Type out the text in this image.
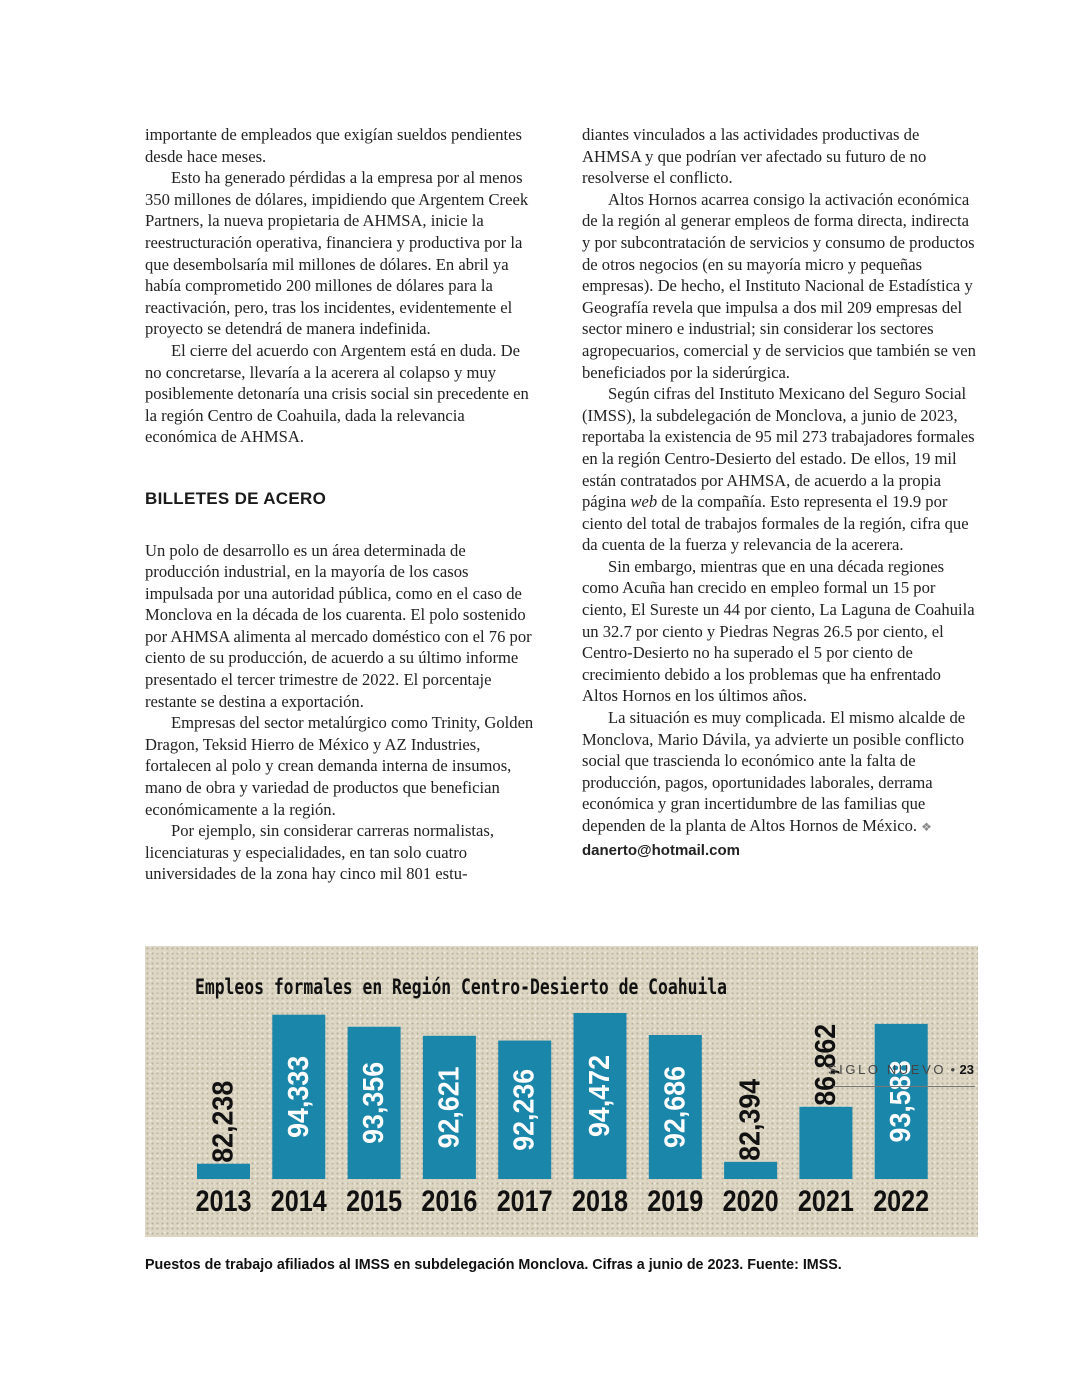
importante de empleados que exigían sueldos pendientes desde hace meses.

Esto ha generado pérdidas a la empresa por al menos 350 millones de dólares, impidiendo que Argentem Creek Partners, la nueva propietaria de AHMSA, inicie la reestructuración operativa, financiera y productiva por la que desembolsaría mil millones de dólares. En abril ya había comprometido 200 millones de dólares para la reactivación, pero, tras los incidentes, evidentemente el proyecto se detendrá de manera indefinida.

El cierre del acuerdo con Argentem está en duda. De no concretarse, llevaría a la acerera al colapso y muy posiblemente detonaría una crisis social sin precedente en la región Centro de Coahuila, dada la relevancia económica de AHMSA.

BILLETES DE ACERO

Un polo de desarrollo es un área determinada de producción industrial, en la mayoría de los casos impulsada por una autoridad pública, como en el caso de Monclova en la década de los cuarenta. El polo sostenido por AHMSA alimenta al mercado doméstico con el 76 por ciento de su producción, de acuerdo a su último informe presentado el tercer trimestre de 2022. El porcentaje restante se destina a exportación.

Empresas del sector metalúrgico como Trinity, Golden Dragon, Teksid Hierro de México y AZ Industries, fortalecen al polo y crean demanda interna de insumos, mano de obra y variedad de productos que benefician económicamente a la región.

Por ejemplo, sin considerar carreras normalistas, licenciaturas y especialidades, en tan solo cuatro universidades de la zona hay cinco mil 801 estu-

diantes vinculados a las actividades productivas de AHMSA y que podrían ver afectado su futuro de no resolverse el conflicto.

Altos Hornos acarrea consigo la activación económica de la región al generar empleos de forma directa, indirecta y por subcontratación de servicios y consumo de productos de otros negocios (en su mayoría micro y pequeñas empresas). De hecho, el Instituto Nacional de Estadística y Geografía revela que impulsa a dos mil 209 empresas del sector minero e industrial; sin considerar los sectores agropecuarios, comercial y de servicios que también se ven beneficiados por la siderúrgica.

Según cifras del Instituto Mexicano del Seguro Social (IMSS), la subdelegación de Monclova, a junio de 2023, reportaba la existencia de 95 mil 273 trabajadores formales en la región Centro-Desierto del estado. De ellos, 19 mil están contratados por AHMSA, de acuerdo a la propia página web de la compañía. Esto representa el 19.9 por ciento del total de trabajos formales de la región, cifra que da cuenta de la fuerza y relevancia de la acerera.

Sin embargo, mientras que en una década regiones como Acuña han crecido en empleo formal un 15 por ciento, El Sureste un 44 por ciento, La Laguna de Coahuila un 32.7 por ciento y Piedras Negras 26.5 por ciento, el Centro-Desierto no ha superado el 5 por ciento de crecimiento debido a los problemas que ha enfrentado Altos Hornos en los últimos años.

La situación es muy complicada. El mismo alcalde de Monclova, Mario Dávila, ya advierte un posible conflicto social que trascienda lo económico ante la falta de producción, pagos, oportunidades laborales, derrama económica y gran incertidumbre de las familias que dependen de la planta de Altos Hornos de México. ❖

danerto@hotmail.com

Empleos formales en Región Centro-Desierto de Coahuila
82,238
2013
94,333
2014
93,356
2015
92,621
2016
92,236
2017
94,472
2018
92,686
2019
82,394
2020
86,862
2021
93,588
2022
Puestos de trabajo afiliados al IMSS en subdelegación Monclova. Cifras a junio de 2023. Fuente: IMSS.
SIGLO NUEVO • 23
